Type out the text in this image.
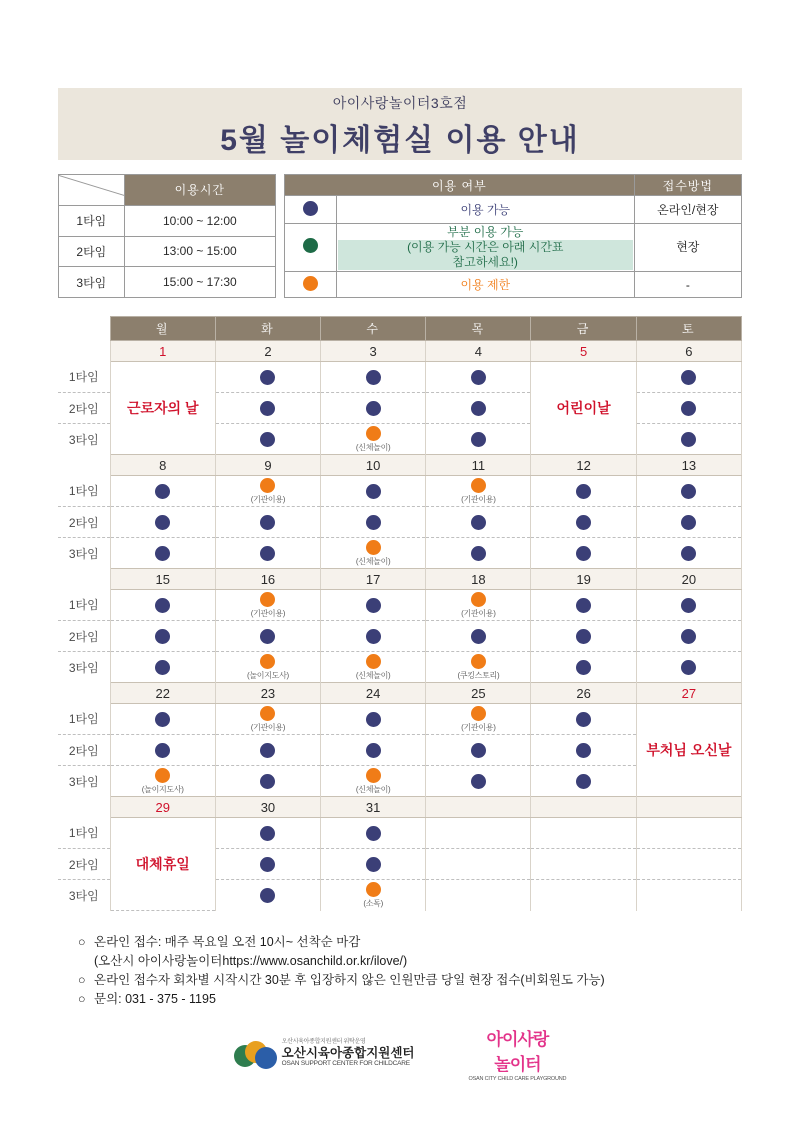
아이사랑놀이터3호점
5월 놀이체험실 이용 안내
	이용시간
1타임	10:00 ~ 12:00
2타임	13:00 ~ 15:00
3타임	15:00 ~ 17:30
이용 여부		접수방법
	이용 가능	온라인/현장

	부분 이용 가능
(이용 가능 시간은 아래 시간표
참고하세요!)	현장
	이용 제한	-
	월	화	수	목	금	토
	1	2	3	4	5	6
1타임	근로자의 날				어린이날	

2타임			

3타임			(신체놀이)			

	8	9	10	11	12	13
1타임		(기관이용)		(기관이용)		

2타임	

3타임			(신체놀이)			

	15	16	17	18	19	20
1타임		(기관이용)		(기관이용)		

2타임	

3타임		(놀이지도사)	(신체놀이)	(쿠킹스토리)		

	22	23	24	25	26	27
1타임		(기관이용)		(기관이용)		부처님 오신날

2타임		

3타임	(놀이지도사)		(신체놀이)			

	29	30	31			
1타임	대체휴일					

2타임		

3타임			(소독)			

○ 온라인 접수: 매주 목요일 오전 10시~ 선착순 마감
(오산시 아이사랑놀이터https://www.osanchild.or.kr/ilove/)
○ 온라인 접수자 회차별 시작시간 30분 후 입장하지 않은 인원만큼 당일 현장 접수(비회원도 가능)
○ 문의: 031 - 375 - 1195
오산시육아종합지원센터 위탁운영
오산시육아종합지원센터
OSAN SUPPORT CENTER FOR CHILDCARE
아이사랑
놀이터
OSAN CITY CHILD CARE PLAYGROUND
